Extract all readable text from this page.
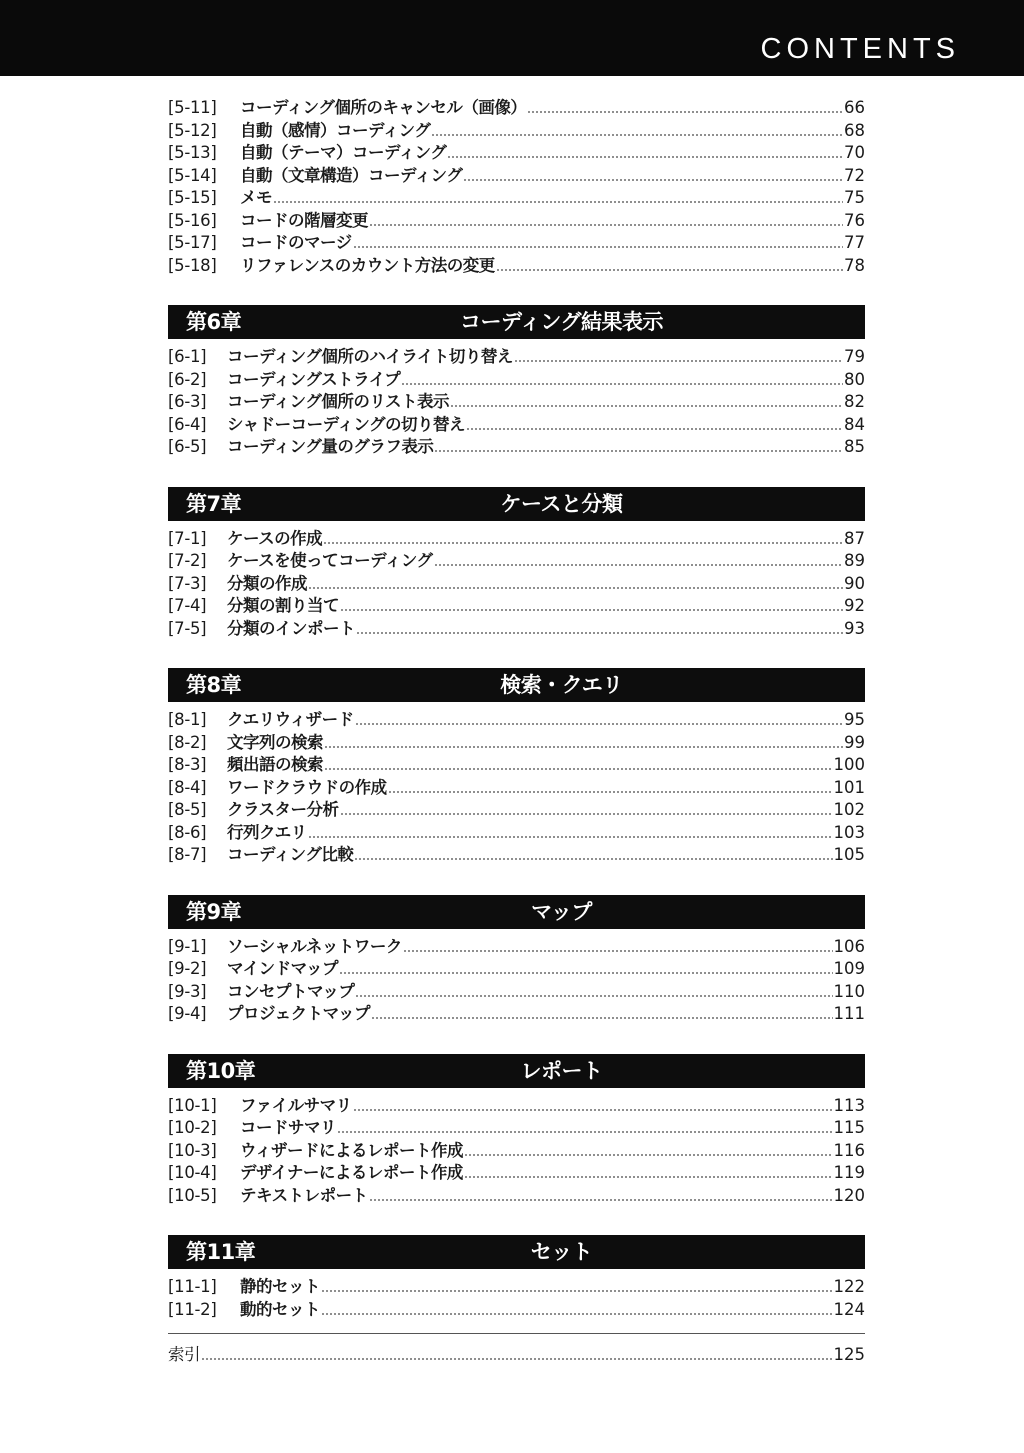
CONTENTS
[5-11]	コーディング個所のキャンセル（画像）	66
[5-12]	自動（感情）コーディング	68
[5-13]	自動（テーマ）コーディング	70
[5-14]	自動（文章構造）コーディング	72
[5-15]	メモ	75
[5-16]	コードの階層変更	76
[5-17]	コードのマージ	77
[5-18]	リファレンスのカウント方法の変更	78
第6章	コーディング結果表示
[6-1]	コーディング個所のハイライト切り替え	79
[6-2]	コーディングストライプ	80
[6-3]	コーディング個所のリスト表示	82
[6-4]	シャドーコーディングの切り替え	84
[6-5]	コーディング量のグラフ表示	85
第7章	ケースと分類
[7-1]	ケースの作成	87
[7-2]	ケースを使ってコーディング	89
[7-3]	分類の作成	90
[7-4]	分類の割り当て	92
[7-5]	分類のインポート	93
第8章	検索・クエリ
[8-1]	クエリウィザード	95
[8-2]	文字列の検索	99
[8-3]	頻出語の検索	100
[8-4]	ワードクラウドの作成	101
[8-5]	クラスター分析	102
[8-6]	行列クエリ	103
[8-7]	コーディング比較	105
第9章	マップ
[9-1]	ソーシャルネットワーク	106
[9-2]	マインドマップ	109
[9-3]	コンセプトマップ	110
[9-4]	プロジェクトマップ	111
第10章	レポート
[10-1]	ファイルサマリ	113
[10-2]	コードサマリ	115
[10-3]	ウィザードによるレポート作成	116
[10-4]	デザイナーによるレポート作成	119
[10-5]	テキストレポート	120
第11章	セット
[11-1]	静的セット	122
[11-2]	動的セット	124
索引	125
